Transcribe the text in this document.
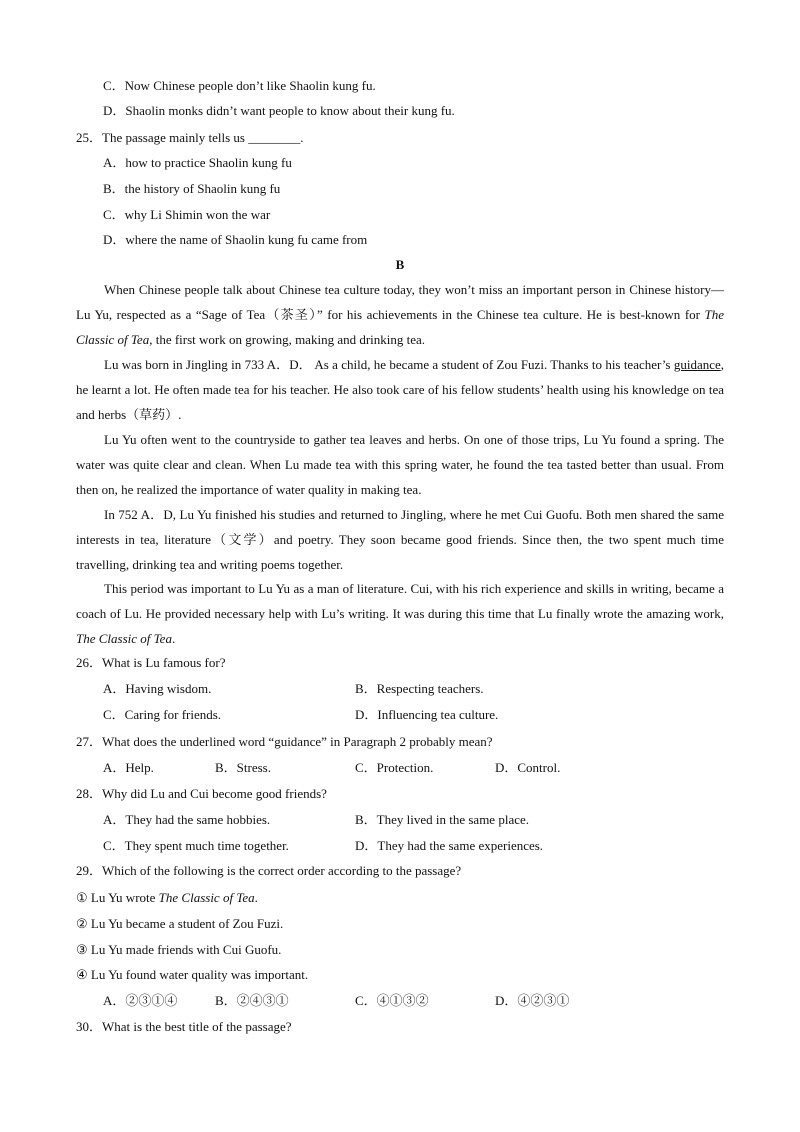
C．Now Chinese people don’t like Shaolin kung fu.
D．Shaolin monks didn’t want people to know about their kung fu.
25．The passage mainly tells us ________.
A．how to practice Shaolin kung fu
B．the history of Shaolin kung fu
C．why Li Shimin won the war
D．where the name of Shaolin kung fu came from
B
When Chinese people talk about Chinese tea culture today, they won’t miss an important person in Chinese history—Lu Yu, respected as a “Sage of Tea（茶圣）” for his achievements in the Chinese tea culture. He is best-known for The Classic of Tea, the first work on growing, making and drinking tea.
Lu was born in Jingling in 733 A．D． As a child, he became a student of Zou Fuzi. Thanks to his teacher’s guidance, he learnt a lot. He often made tea for his teacher. He also took care of his fellow students’ health using his knowledge on tea and herbs（草药）.
Lu Yu often went to the countryside to gather tea leaves and herbs. On one of those trips, Lu Yu found a spring. The water was quite clear and clean. When Lu made tea with this spring water, he found the tea tasted better than usual. From then on, he realized the importance of water quality in making tea.
In 752 A．D, Lu Yu finished his studies and returned to Jingling, where he met Cui Guofu. Both men shared the same interests in tea, literature（文学）and poetry. They soon became good friends. Since then, the two spent much time travelling, drinking tea and writing poems together.
This period was important to Lu Yu as a man of literature. Cui, with his rich experience and skills in writing, became a coach of Lu. He provided necessary help with Lu’s writing. It was during this time that Lu finally wrote the amazing work, The Classic of Tea.
26．What is Lu famous for?
A．Having wisdom.	B．Respecting teachers.
C．Caring for friends.	D．Influencing tea culture.
27．What does the underlined word “guidance” in Paragraph 2 probably mean?
A．Help.	B．Stress.	C．Protection.	D．Control.
28．Why did Lu and Cui become good friends?
A．They had the same hobbies.	B．They lived in the same place.
C．They spent much time together.	D．They had the same experiences.
29．Which of the following is the correct order according to the passage?
① Lu Yu wrote The Classic of Tea.
② Lu Yu became a student of Zou Fuzi.
③ Lu Yu made friends with Cui Guofu.
④ Lu Yu found water quality was important.
A．②③①④	B．②④③①	C．④①③②	D．④②③①
30．What is the best title of the passage?
